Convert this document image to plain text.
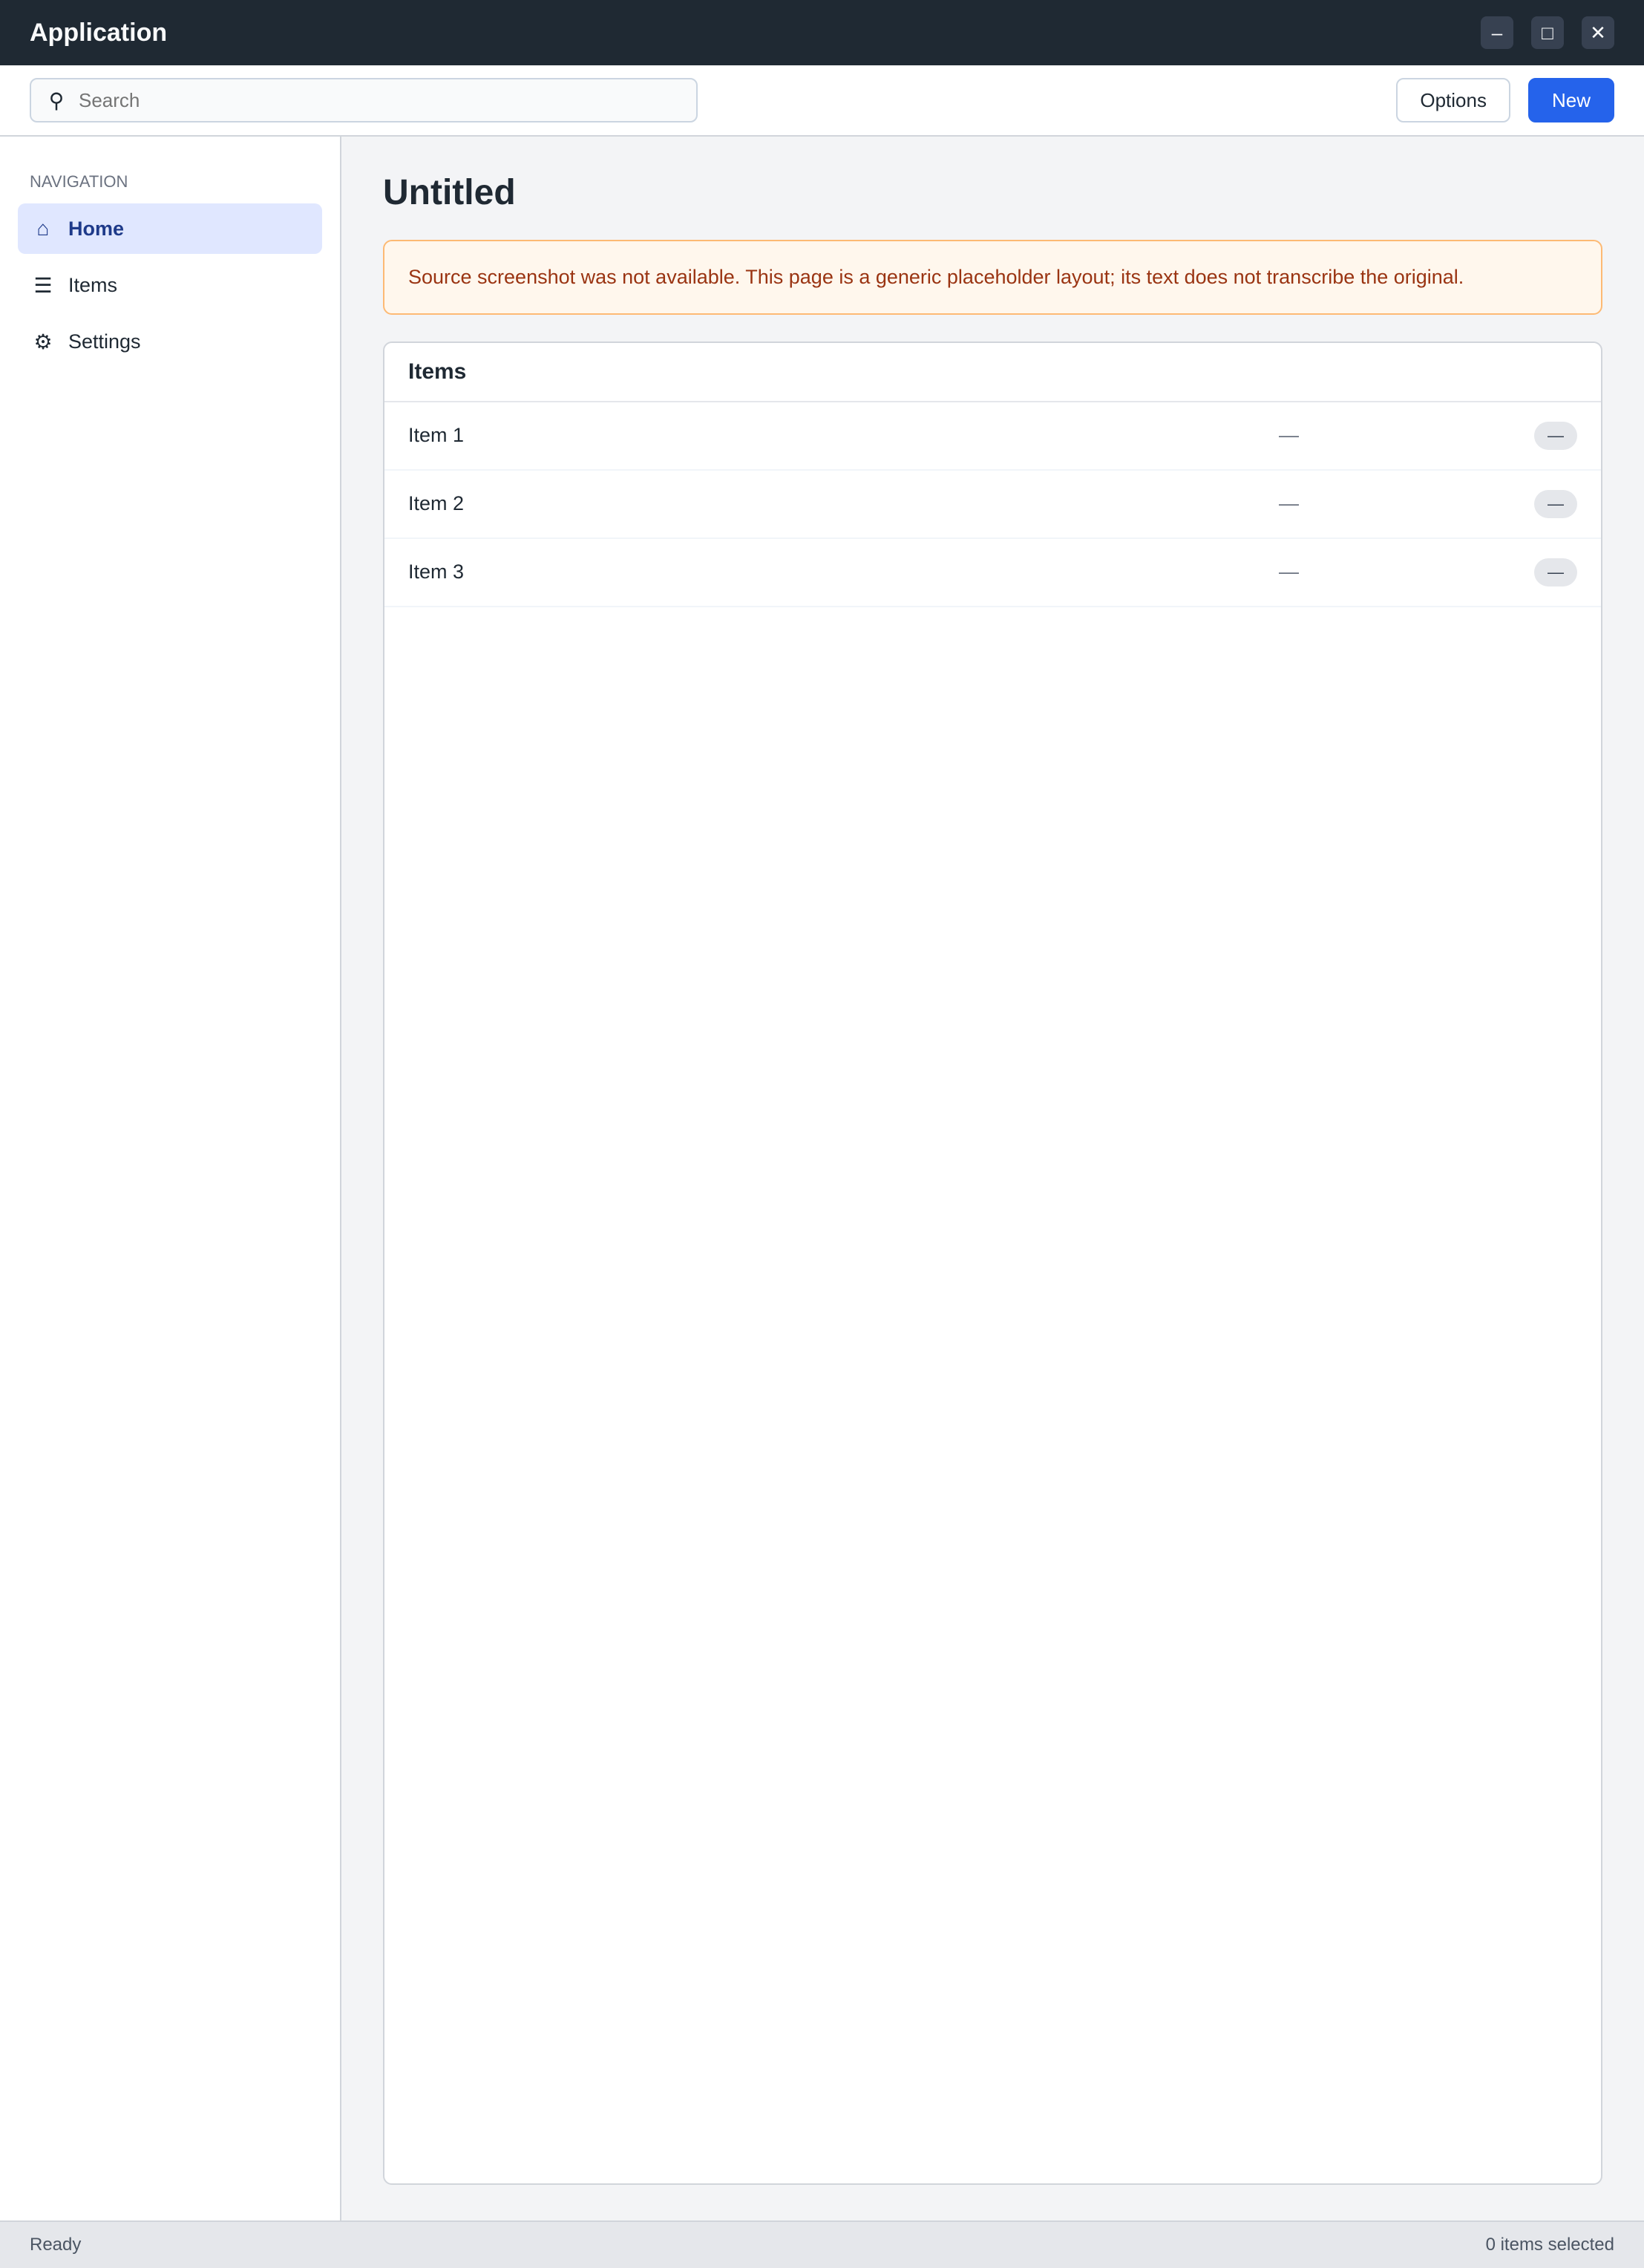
Application	–	□	✕
⚲
Search	Options	New
NAVIGATION
⌂ Home
☰ Items
⚙ Settings
Untitled
Source screenshot was not available. This page is a generic placeholder layout; its text does not transcribe the original.
Items
Item 1	—	—
Item 2	—	—
Item 3	—	—
Ready	0 items selected
